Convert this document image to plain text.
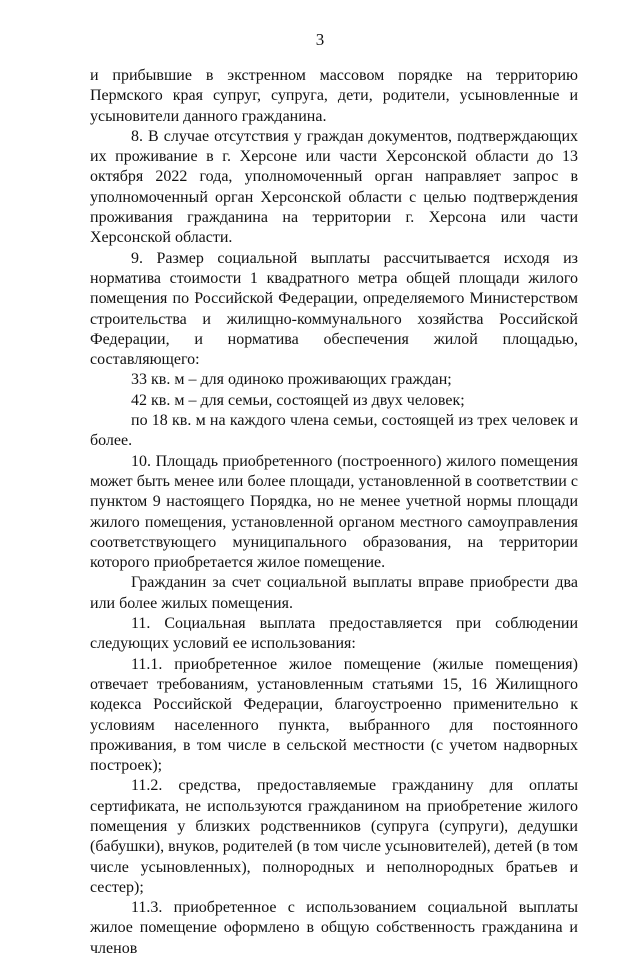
3

и прибывшие в экстренном массовом порядке на территорию Пермского края супруг, супруга, дети, родители, усыновленные и усыновители данного гражданина.

8. В случае отсутствия у граждан документов, подтверждающих их проживание в г. Херсоне или части Херсонской области до 13 октября 2022 года, уполномоченный орган направляет запрос в уполномоченный орган Херсонской области с целью подтверждения проживания гражданина на территории г. Херсона или части Херсонской области.

9. Размер социальной выплаты рассчитывается исходя из норматива стоимости 1 квадратного метра общей площади жилого помещения по Российской Федерации, определяемого Министерством строительства и жилищно-коммунального хозяйства Российской Федерации, и норматива обеспечения жилой площадью, составляющего:

33 кв. м – для одиноко проживающих граждан;

42 кв. м – для семьи, состоящей из двух человек;

по 18 кв. м на каждого члена семьи, состоящей из трех человек и более.

10. Площадь приобретенного (построенного) жилого помещения может быть менее или более площади, установленной в соответствии с пунктом 9 настоящего Порядка, но не менее учетной нормы площади жилого помещения, установленной органом местного самоуправления соответствующего муниципального образования, на территории которого приобретается жилое помещение.

Гражданин за счет социальной выплаты вправе приобрести два или более жилых помещения.

11. Социальная выплата предоставляется при соблюдении следующих условий ее использования:

11.1. приобретенное жилое помещение (жилые помещения) отвечает требованиям, установленным статьями 15, 16 Жилищного кодекса Российской Федерации, благоустроенно применительно к условиям населенного пункта, выбранного для постоянного проживания, в том числе в сельской местности (с учетом надворных построек);

11.2. средства, предоставляемые гражданину для оплаты сертификата, не используются гражданином на приобретение жилого помещения у близких родственников (супруга (супруги), дедушки (бабушки), внуков, родителей (в том числе усыновителей), детей (в том числе усыновленных), полнородных и неполнородных братьев и сестер);

11.3. приобретенное с использованием социальной выплаты жилое помещение оформлено в общую собственность гражданина и членов
